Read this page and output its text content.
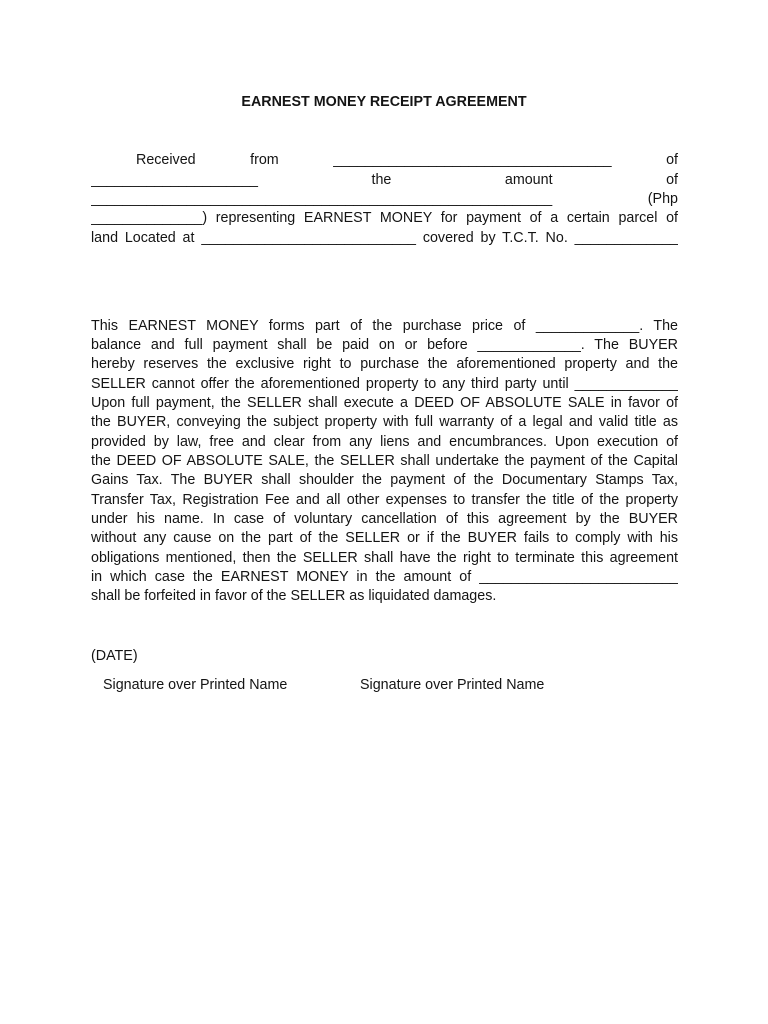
EARNEST MONEY RECEIPT AGREEMENT
Received from ___________________________________ of
_____________________ the amount of
__________________________________________________________ (Php
______________) representing EARNEST MONEY for payment of a certain parcel of
land Located at ___________________________ covered by T.C.T. No. _____________
This EARNEST MONEY forms part of the purchase price of _____________. The
balance and full payment shall be paid on or before _____________. The BUYER
hereby reserves the exclusive right to purchase the aforementioned property and the
SELLER cannot offer the aforementioned property to any third party until _____________
Upon full payment, the SELLER shall execute a DEED OF ABSOLUTE SALE in favor of
the BUYER, conveying the subject property with full warranty of a legal and valid title as
provided by law, free and clear from any liens and encumbrances. Upon execution of
the DEED OF ABSOLUTE SALE, the SELLER shall undertake the payment of the Capital
Gains Tax. The BUYER shall shoulder the payment of the Documentary Stamps Tax,
Transfer Tax, Registration Fee and all other expenses to transfer the title of the property
under his name. In case of voluntary cancellation of this agreement by the BUYER
without any cause on the part of the SELLER or if the BUYER fails to comply with his
obligations mentioned, then the SELLER shall have the right to terminate this agreement
in which case the EARNEST MONEY in the amount of _________________________
shall be forfeited in favor of the SELLER as liquidated damages.
(DATE)
Signature over Printed Name	Signature over Printed Name
